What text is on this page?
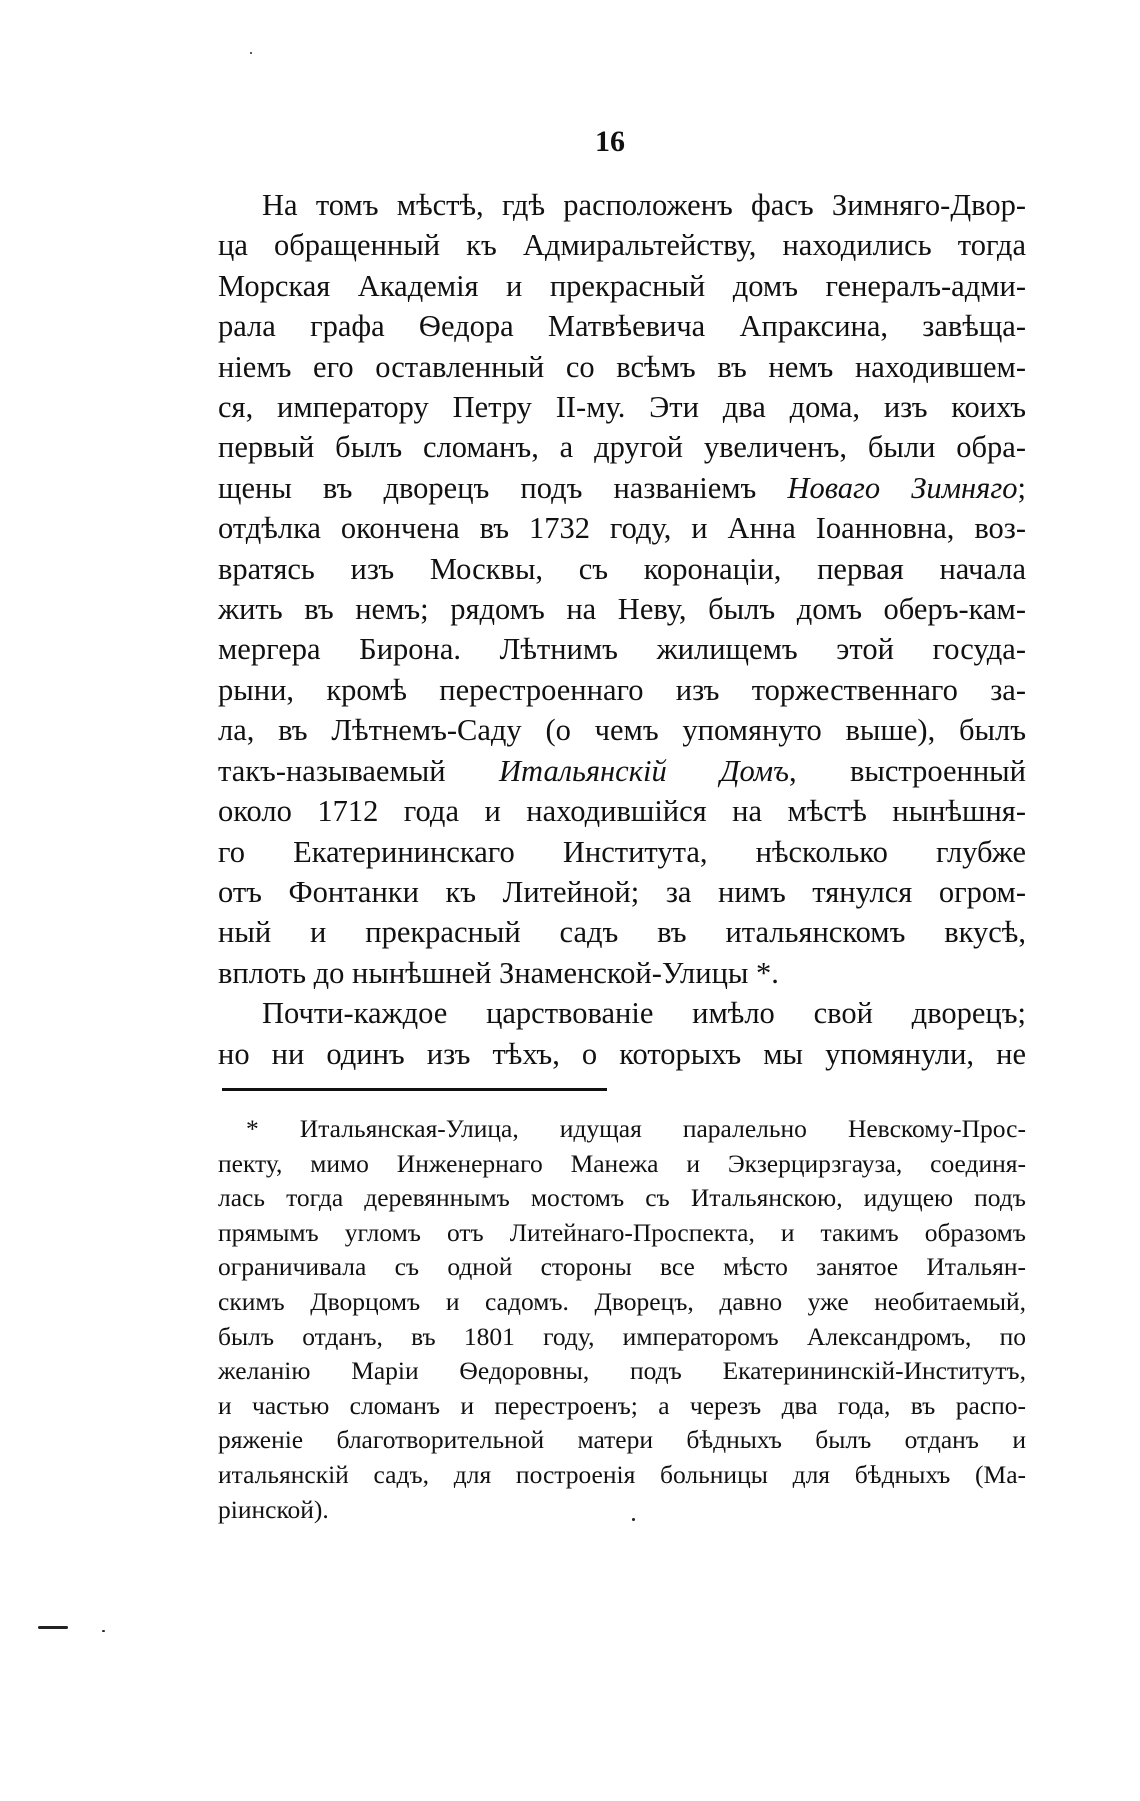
16
На томъ мѣстѣ, гдѣ расположенъ фасъ Зимняго-Двор-
ца обращенный къ Адмиральтейству, находились тогда
Морская Академія и прекрасный домъ генералъ-адми-
рала графа Ѳедора Матвѣевича Апраксина, завѣща-
ніемъ его оставленный со всѣмъ въ немъ находившем-
ся, императору Петру II-му. Эти два дома, изъ коихъ
первый былъ сломанъ, а другой увеличенъ, были обра-
щены въ дворецъ подъ названіемъ Новаго Зимняго;
отдѣлка окончена въ 1732 году, и Анна Іоанновна, воз-
вратясь изъ Москвы, съ коронаціи, первая начала
жить въ немъ; рядомъ на Неву, былъ домъ оберъ-кам-
мергера Бирона. Лѣтнимъ жилищемъ этой госуда-
рыни, кромѣ перестроеннаго изъ торжественнаго за-
ла, въ Лѣтнемъ-Саду (о чемъ упомянуто выше), былъ
такъ-называемый Итальянскій Домъ, выстроенный
около 1712 года и находившійся на мѣстѣ нынѣшня-
го Екатерининскаго Института, нѣсколько глубже
отъ Фонтанки къ Литейной; за нимъ тянулся огром-
ный и прекрасный садъ въ итальянскомъ вкусѣ,
вплоть до нынѣшней Знаменской-Улицы *.
Почти-каждое царствованіе имѣло свой дворецъ;
но ни одинъ изъ тѣхъ, о которыхъ мы упомянули, не
* Итальянская-Улица, идущая паралельно Невскому-Прос-
пекту, мимо Инженернаго Манежа и Экзерцирзгауза, соединя-
лась тогда деревяннымъ мостомъ съ Итальянскою, идущею подъ
прямымъ угломъ отъ Литейнаго-Проспекта, и такимъ образомъ
ограничивала съ одной стороны все мѣсто занятое Итальян-
скимъ Дворцомъ и садомъ. Дворецъ, давно уже необитаемый,
былъ отданъ, въ 1801 году, императоромъ Александромъ, по
желанію Маріи Ѳедоровны, подъ Екатерининскій-Институтъ,
и частью сломанъ и перестроенъ; а черезъ два года, въ распо-
ряженіе благотворительной матери бѣдныхъ былъ отданъ и
итальянскій садъ, для построенія больницы для бѣдныхъ (Ма-
ріинской).
